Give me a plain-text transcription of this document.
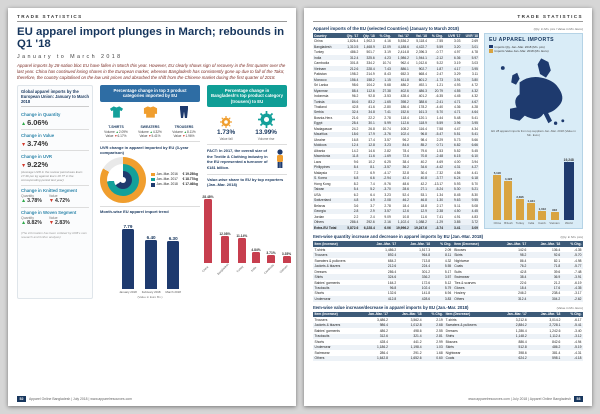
TRADE STATISTICS
EU apparel import plunges in March; rebounds in Q1 '18
January to March 2018

Apparel imports by 28-nation bloc EU have fallen in March this year. However, EU clearly shows sign of recovery in the first quarter over the last year. China has continued losing shares in the European market, whereas Bangladesh has consistently gone up due to fall of the Taka; therefore, the country capitalised on the low unit prices and absorbed the shift from the Chinese market during the first quarter of 2018.

Global apparel imports by the European Union: January to March 2018
Change in Quantity
▲6.06%
Change in Value
▼3.74%
Change in UVR
▼9.22%
(Average UVR in the review period was Euro 17.46 per kg against Euro 18.77 in the corresponding period last year)
Change in Knitted Segment
Quantity
▲3.78%
Value
▼4.72%
Change in Woven Segment
Quantity
▲8.82%
Value
▼2.83%
(The information has been collated by AOB's own research and further analysis)
Percentage change in top 3 product categories imported by EU
T-SHIRTS
Volume ▲2.09%
Value ▼6.17%
SWEATERS
Volume ▲4.32%
Value ▼5.41%
TROUSERS
Volume ▲8.11%
Value ▼1.96%
UVR change in apparel imported by EU (3-year comparison)
Jan.-Mar. 2016
€ 19.25/kg
Jan.-Mar. 2017
€ 18.77/kg
Jan.-Mar. 2018
€ 17.46/kg
Month-wise EU apparel import trend
7.79
January 2018
6.40
February 2018
6.30
March 2018
(Value in Euro Bn.)
Percentage change in Bangladesh's top product category (trousers) to EU
1.73%
Value fall
13.99%
Volume rise

FACT: In 2017, the overall size of the Textile & Clothing industry in the EU represented a turnover of €181 billion.

Value-wise share to EU by top exporters (Jan.-Mar. 2018)
28.48%
China
12.08%
Bangladesh
11.14%
Turkey
4.84%
India
3.71%
Cambodia
3.35%
Vietnam
52	Apparel Online Bangladesh | July 2018 | www.apparelresources.com
TRADE STATISTICS
Apparel imports of the EU (selected Countries) (January to March 2018)	(Qty. in Mn. pcs / Value in Mn. Euro)
Country	Qty. '17	Qty. '18	% Chg.	Val. '17	Val. '18	% Chg.	UVR '17	UVR '18
China	1,826.4	1,902.3	4.16	5,536.2	5,118.4	-7.55	3.03	2.69
Bangladesh	1,310.5	1,468.9	12.09	4,188.6	4,422.7	5.59	3.20	3.01
Turkey	486.2	501.7	3.19	2,414.8	2,396.3	-0.77	4.97	4.78
India	312.4	325.6	4.23	1,986.2	1,944.1	-2.12	6.36	5.97
Cambodia	301.8	334.2	10.74	962.4	1,012.6	5.22	3.19	3.03
Vietnam	212.6	228.4	7.43	886.1	902.7	1.87	4.17	3.95
Pakistan	198.2	214.9	8.43	652.3	668.4	2.47	3.29	3.11
Morocco	156.4	158.2	1.15	611.8	601.2	-1.73	3.91	3.80
Sri Lanka	98.6	104.2	5.68	486.2	492.1	1.21	4.93	4.72
Myanmar	88.4	112.6	27.38	402.6	486.3	20.79	4.55	4.32
Indonesia	96.2	92.8	-3.53	428.4	401.2	-6.35	4.45	4.32
Tunisia	84.6	83.2	-1.65	398.2	388.6	-2.41	4.71	4.67
Thailand	42.8	41.6	-2.80	186.4	178.2	-4.40	4.36	4.28
Serbia	32.4	34.8	7.41	152.6	161.3	5.70	4.71	4.64
Bosnia-Herz.	21.6	22.2	2.78	118.4	120.1	1.44	5.48	5.41
Egypt	28.4	30.1	5.99	112.6	118.9	5.59	3.96	3.95
Madagascar	24.2	26.8	10.74	108.2	116.4	7.58	4.47	4.34
Mauritius	18.6	17.9	-3.76	102.4	96.8	-5.47	5.51	5.41
Ukraine	16.8	17.4	3.57	96.2	98.4	2.29	5.73	5.66
Moldova	12.4	12.8	3.23	84.6	85.2	0.71	6.82	6.66
Albania	14.2	14.6	2.82	78.4	79.6	1.53	5.52	5.45
Macedonia	11.8	11.6	-1.69	72.6	70.8	-2.48	6.15	6.10
Laos	9.6	10.2	6.25	38.4	40.2	4.69	4.00	3.94
Philippines	8.4	8.1	-3.57	36.2	34.6	-4.42	4.31	4.27
Malaysia	7.2	6.9	-4.17	32.8	30.4	-7.32	4.56	4.41
S. Korea	6.8	6.6	-2.94	42.4	40.8	-3.77	6.24	6.18
Hong Kong	8.2	7.4	-9.76	48.6	42.2	-13.17	5.93	5.70
Taiwan	5.4	5.2	-3.70	28.6	27.1	-5.24	5.30	5.21
USA	6.2	6.4	3.23	52.4	53.1	1.34	8.45	8.30
Switzerland	4.8	4.9	2.08	46.2	46.8	1.30	9.63	9.55
Belarus	3.6	3.7	2.78	18.4	18.8	2.17	5.11	5.08
Georgia	2.8	2.9	3.57	12.6	12.9	2.38	4.50	4.45
Jordan	2.2	2.4	9.09	10.8	11.6	7.41	4.91	4.83
Others	286.4	292.6	2.16	1,102.4	1,088.2	-1.29	3.85	3.72
Extra-EU Total	5,872.6	6,228.4	6.06	19,996.2	19,247.6	-3.74	3.41	3.09
EU APPAREL IMPORTS
Imports Qty. Jan.-Mar. 2018 (Mn. pcs)
Imports Value Jan.-Mar. 2018 (Mn. Euro)
EU 28 apparel imports from top suppliers Jan.-Mar. 2018 (Value in Mn. Euro)
5,118
China
4,423
B'desh
2,396
Turkey
1,944
India
1,013
Camb.
903
Vietnam
19,248
World
Item-wise quantity increase and decrease in apparel imports by EU (Jan.-Mar. 2018)	(Qty. in Mn. pcs)
Item (Increase)	Jan.-Mar. '17	Jan.-Mar. '18	% Chg.	Item (Decrease)	Jan.-Mar. '17	Jan.-Mar. '18	% Chg.
T-shirts	1,486.2	1,517.3	2.09	Blouses	142.6	136.4	-4.35
Trousers	892.4	964.8	8.11	Skirts	98.2	92.6	-5.70
Sweaters & pullovers	684.2	713.8	4.32	Nightwear	86.4	82.1	-4.98
Jackets & blazers	212.6	224.4	5.55	Coats	76.2	71.8	-5.77
Dresses	286.4	301.2	5.17	Suits	42.8	39.6	-7.48
Shirts	324.6	336.2	3.57	Swimwear	38.4	36.9	-3.91
Babies' garments	164.2	172.6	5.12	Ties & scarves	22.6	21.2	-6.19
Tracksuits	96.8	102.4	5.79	Gloves	18.4	17.6	-4.35
Shorts	132.6	141.8	6.94	Hosiery	246.2	238.4	-3.17
Underwear	412.8	428.6	3.83	Others	312.4	304.2	-2.62
Item-wise value increase/decrease in apparel imports by EU (Jan.-Mar. 2018)	(Value in Mn. Euro)
Item (Increase)	Jan.-Mar. '17	Jan.-Mar. '18	% Chg.	Item (Decrease)	Jan.-Mar. '17	Jan.-Mar. '18	% Chg.
Trousers	3,486.2	3,562.4	2.19	T-shirts	3,212.6	3,014.2	-6.17
Jackets & blazers	986.4	1,012.8	2.68	Sweaters & pullovers	2,884.2	2,728.1	-5.41
Babies' garments	486.2	498.6	2.55	Dresses	1,286.4	1,242.6	-3.40
Tracksuits	312.6	321.4	2.81	Shirts	1,148.2	1,112.4	-3.12
Shorts	428.4	441.2	2.99	Blouses	886.4	842.6	-4.94
Underwear	1,186.2	1,198.4	1.03	Skirts	512.8	486.2	-5.19
Swimwear	286.4	291.2	1.68	Nightwear	398.6	381.4	-4.31
Others	1,642.8	1,652.6	0.60	Coats	624.2	598.1	-4.18
www.apparelresources.com | July 2018 | Apparel Online Bangladesh	53
